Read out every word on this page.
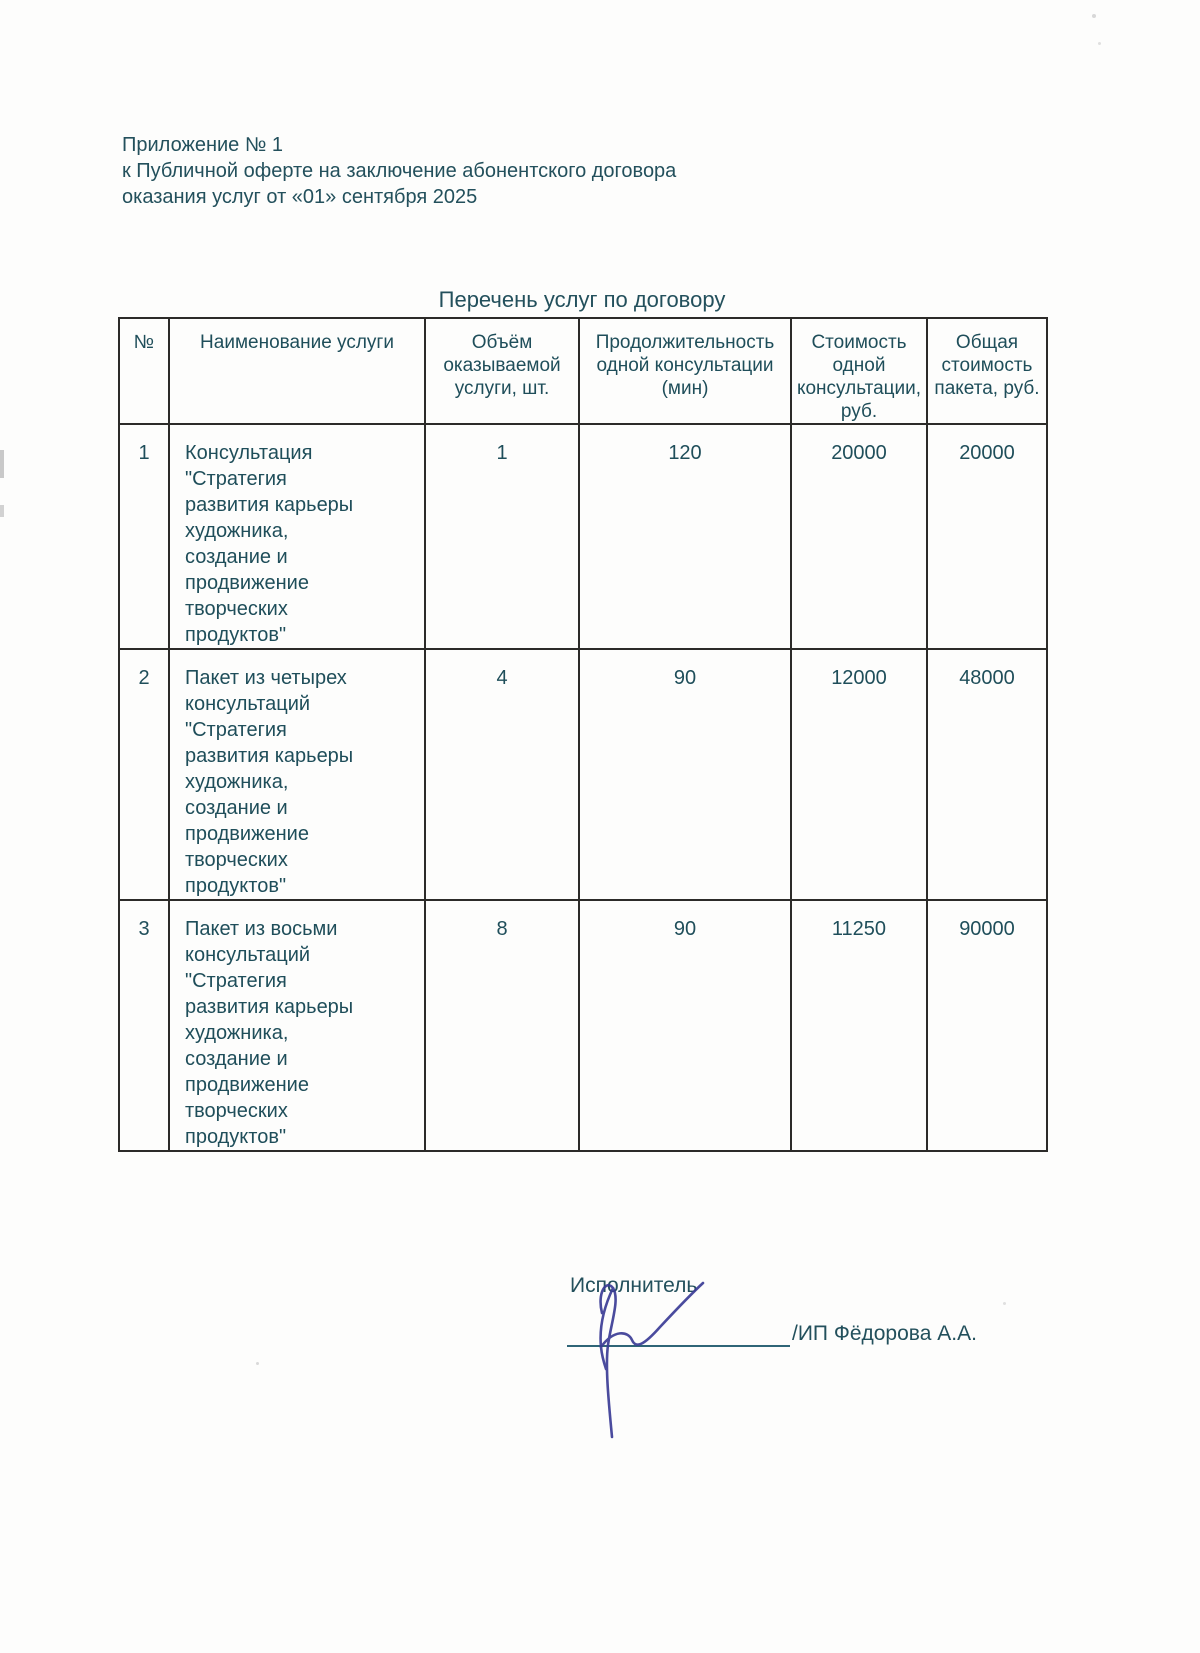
Приложение № 1
к Публичной оферте на заключение абонентского договора
оказания услуг от «01» сентября 2025
Перечень услуг по договору
№	Наименование услуги	Объём оказываемой услуги, шт.	Продолжительность одной консультации (мин)	Стоимость одной консультации, руб.	Общая стоимость пакета, руб.
1	Консультация "Стратегия развития карьеры художника, создание и продвижение творческих продуктов"	1	120	20000	20000
2	Пакет из четырех консультаций "Стратегия развития карьеры художника, создание и продвижение творческих продуктов"	4	90	12000	48000
3	Пакет из восьми консультаций "Стратегия развития карьеры художника, создание и продвижение творческих продуктов"	8	90	11250	90000
Исполнитель
/ИП Фёдорова А.А.
